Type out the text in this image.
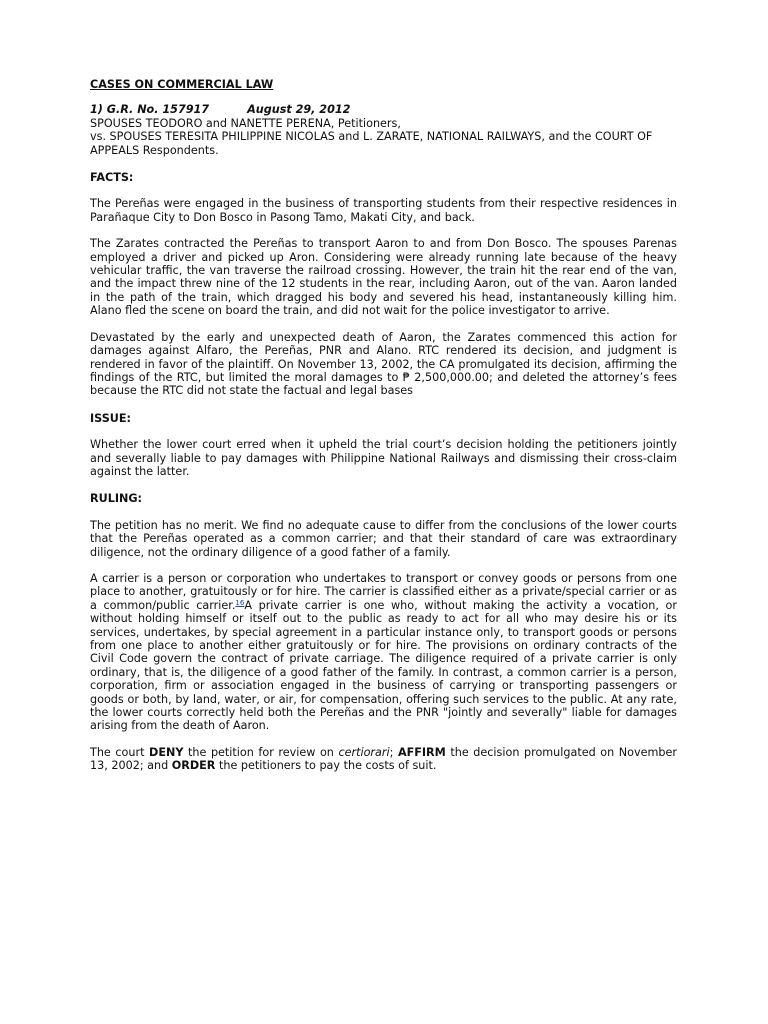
CASES ON COMMERCIAL LAW

1) G.R. No. 157917	August 29, 2012

SPOUSES TEODORO and NANETTE PERENA, Petitioners,

vs. SPOUSES TERESITA PHILIPPINE NICOLAS and L. ZARATE, NATIONAL RAILWAYS, and the COURT OF

APPEALS Respondents.

FACTS:

The Pereñas were engaged in the business of transporting students from their respective residences in Parañaque City to Don Bosco in Pasong Tamo, Makati City, and back.

The Zarates contracted the Pereñas to transport Aaron to and from Don Bosco. The spouses Parenas employed a driver and picked up Aron. Considering were already running late because of the heavy vehicular traffic, the van traverse the railroad crossing. However, the train hit the rear end of the van, and the impact threw nine of the 12 students in the rear, including Aaron, out of the van. Aaron landed in the path of the train, which dragged his body and severed his head, instantaneously killing him. Alano fled the scene on board the train, and did not wait for the police investigator to arrive.

Devastated by the early and unexpected death of Aaron, the Zarates commenced this action for damages against Alfaro, the Pereñas, PNR and Alano. RTC rendered its decision, and judgment is rendered in favor of the plaintiff. On November 13, 2002, the CA promulgated its decision, affirming the findings of the RTC, but limited the moral damages to ₱ 2,500,000.00; and deleted the attorney’s fees because the RTC did not state the factual and legal bases

ISSUE:

Whether the lower court erred when it upheld the trial court’s decision holding the petitioners jointly and severally liable to pay damages with Philippine National Railways and dismissing their cross-claim against the latter.

RULING:

The petition has no merit. We find no adequate cause to differ from the conclusions of the lower courts that the Pereñas operated as a common carrier; and that their standard of care was extraordinary diligence, not the ordinary diligence of a good father of a family.

A carrier is a person or corporation who undertakes to transport or convey goods or persons from one place to another, gratuitously or for hire. The carrier is classified either as a private/special carrier or as a common/public carrier.$^{16}$A private carrier is one who, without making the activity a vocation, or without holding himself or itself out to the public as ready to act for all who may desire his or its services, undertakes, by special agreement in a particular instance only, to transport goods or persons from one place to another either gratuitously or for hire. The provisions on ordinary contracts of the Civil Code govern the contract of private carriage. The diligence required of a private carrier is only ordinary, that is, the diligence of a good father of the family. In contrast, a common carrier is a person, corporation, firm or association engaged in the business of carrying or transporting passengers or goods or both, by land, water, or air, for compensation, offering such services to the public. At any rate, the lower courts correctly held both the Pereñas and the PNR "jointly and severally" liable for damages arising from the death of Aaron.

The court DENY the petition for review on certiorari; AFFIRM the decision promulgated on November 13, 2002; and ORDER the petitioners to pay the costs of suit.
